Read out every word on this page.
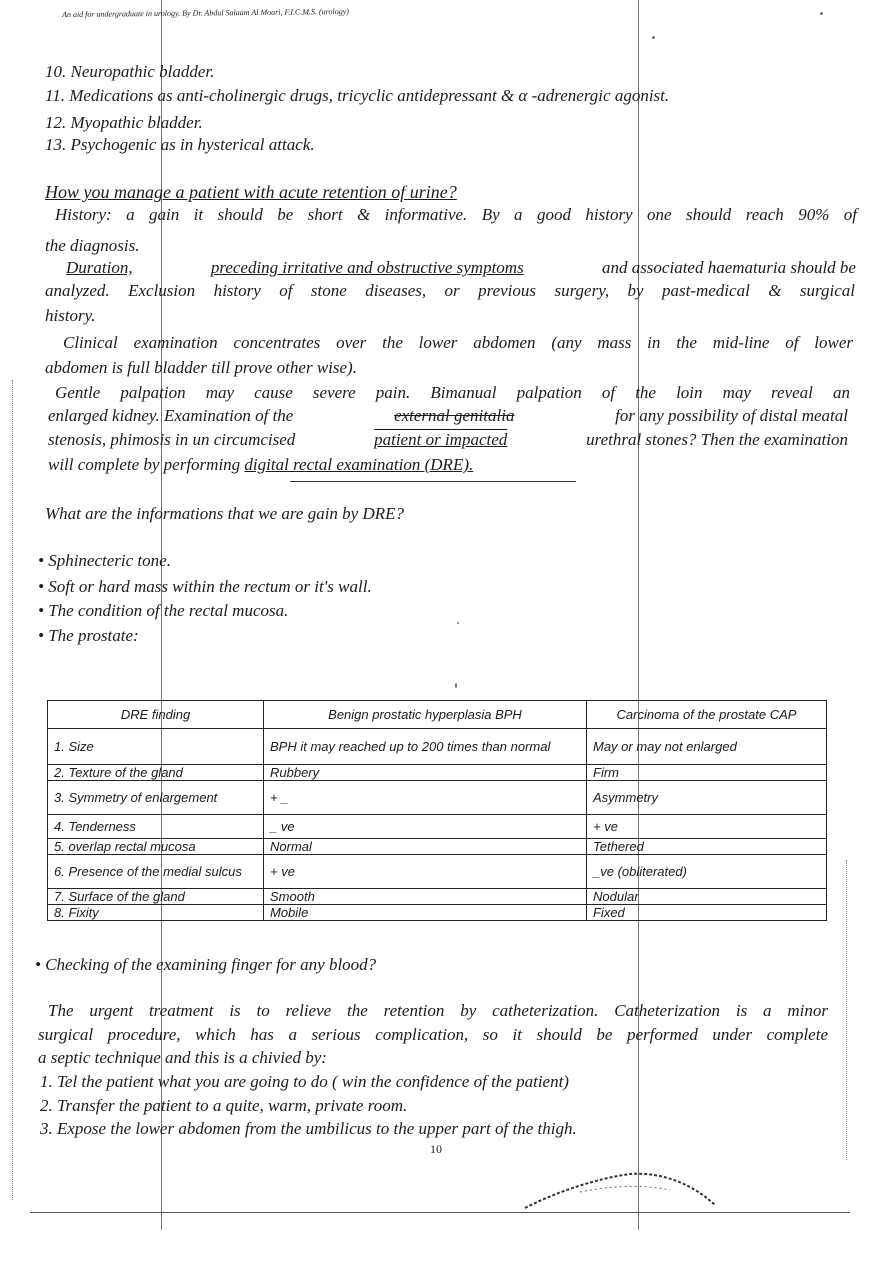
An aid for undergraduate in urology. By Dr. Abdul Salaam Al Moari, F.I.C.M.S. (urology)
10. Neuropathic bladder.
11. Medications as anti-cholinergic drugs, tricyclic antidepressant & α -adrenergic agonist.
12. Myopathic bladder.
13. Psychogenic as in hysterical attack.
How you manage a patient with acute retention of urine?
History: a gain it should be short & informative. By a good history one should reach 90% of
the diagnosis.
Duration,	preceding irritative and obstructive symptoms	and associated haematuria should be
analyzed. Exclusion history of stone diseases, or previous surgery, by past-medical & surgical
history.
Clinical examination concentrates over the lower abdomen (any mass in the mid-line of lower
abdomen is full bladder till prove other wise).
Gentle palpation may cause severe pain. Bimanual palpation of the loin may reveal an
enlarged kidney. Examination of the	external genitalia	for any possibility of distal meatal
stenosis, phimosis in un circumcised	patient or impacted	urethral stones? Then the examination
will complete by performing digital rectal examination (DRE).
What are the informations that we are gain by DRE?
• Sphinecteric tone.
• Soft or hard mass within the rectum or it's wall.
• The condition of the rectal mucosa.
• The prostate:
DRE finding	Benign prostatic hyperplasia BPH	Carcinoma of the prostate CAP
1. Size	BPH it may reached up to 200 times than normal	May or may not enlarged
2. Texture of the gland	Rubbery	Firm
3. Symmetry of enlargement	+ _	Asymmetry
4. Tenderness	_ ve	+ ve
5. overlap rectal mucosa	Normal	Tethered
6. Presence of the medial sulcus	+ ve	_ve (obliterated)
7. Surface of the gland	Smooth	Nodular
8. Fixity	Mobile	Fixed
• Checking of the examining finger for any blood?
The urgent treatment is to relieve the retention by catheterization. Catheterization is a minor
surgical procedure, which has a serious complication, so it should be performed under complete
a septic technique and this is a chivied by:
1. Tel the patient what you are going to do ( win the confidence of the patient)
2. Transfer the patient to a quite, warm, private room.
3. Expose the lower abdomen from the umbilicus to the upper part of the thigh.
10
